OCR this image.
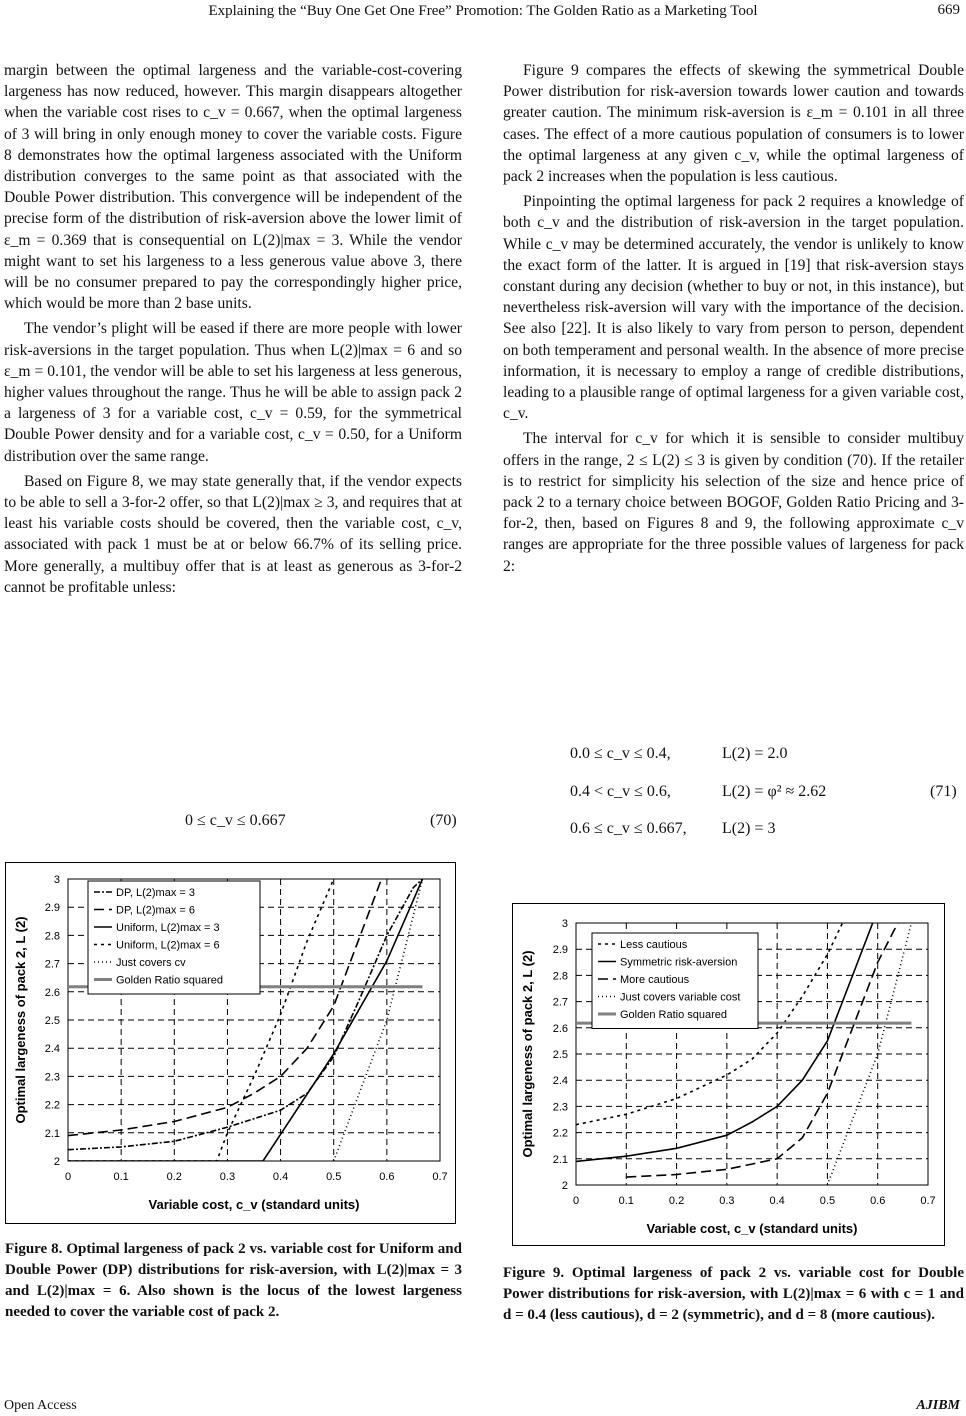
Explaining the “Buy One Get One Free” Promotion: The Golden Ratio as a Marketing Tool	669

margin between the optimal largeness and the variable-cost-covering largeness has now reduced, however. This margin disappears altogether when the variable cost rises to c_v = 0.667, when the optimal largeness of 3 will bring in only enough money to cover the variable costs. Figure 8 demonstrates how the optimal largeness associated with the Uniform distribution converges to the same point as that associated with the Double Power distribution. This convergence will be independent of the precise form of the distribution of risk-aversion above the lower limit of ε_m = 0.369 that is consequential on L(2)|max = 3. While the vendor might want to set his largeness to a less generous value above 3, there will be no consumer prepared to pay the correspondingly higher price, which would be more than 2 base units.

The vendor’s plight will be eased if there are more people with lower risk-aversions in the target population. Thus when L(2)|max = 6 and so ε_m = 0.101, the vendor will be able to set his largeness at less generous, higher values throughout the range. Thus he will be able to assign pack 2 a largeness of 3 for a variable cost, c_v = 0.59, for the symmetrical Double Power density and for a variable cost, c_v = 0.50, for a Uniform distribution over the same range.

Based on Figure 8, we may state generally that, if the vendor expects to be able to sell a 3-for-2 offer, so that L(2)|max ≥ 3, and requires that at least his variable costs should be covered, then the variable cost, c_v, associated with pack 1 must be at or below 66.7% of its selling price. More generally, a multibuy offer that is at least as generous as 3-for-2 cannot be profitable unless:

0 ≤ c_v ≤ 0.667	(70)

Figure 9 compares the effects of skewing the symmetrical Double Power distribution for risk-aversion towards lower caution and towards greater caution. The minimum risk-aversion is ε_m = 0.101 in all three cases. The effect of a more cautious population of consumers is to lower the optimal largeness at any given c_v, while the optimal largeness of pack 2 increases when the population is less cautious.

Pinpointing the optimal largeness for pack 2 requires a knowledge of both c_v and the distribution of risk-aversion in the target population. While c_v may be determined accurately, the vendor is unlikely to know the exact form of the latter. It is argued in [19] that risk-aversion stays constant during any decision (whether to buy or not, in this instance), but nevertheless risk-aversion will vary with the importance of the decision. See also [22]. It is also likely to vary from person to person, dependent on both temperament and personal wealth. In the absence of more precise information, it is necessary to employ a range of credible distributions, leading to a plausible range of optimal largeness for a given variable cost, c_v.

The interval for c_v for which it is sensible to consider multibuy offers in the range, 2 ≤ L(2) ≤ 3 is given by condition (70). If the retailer is to restrict for simplicity his selection of the size and hence price of pack 2 to a ternary choice between BOGOF, Golden Ratio Pricing and 3-for-2, then, based on Figures 8 and 9, the following approximate c_v ranges are appropriate for the three possible values of largeness for pack 2:

0.0 ≤ c_v ≤ 0.4,	L(2) = 2.0
0.4 < c_v ≤ 0.6,	L(2) = φ² ≈ 2.62
0.6 ≤ c_v ≤ 0.667, L(2) = 3
(71)
0	0.1	0.2	0.3	0.4	0.5	0.6	0.7
2
2.1
2.2
2.3
2.4
2.5
2.6
2.7
2.8
2.9
3
Variable cost, c_v (standard units)
Optimal largeness of pack 2, L (2)
DP, L(2)max = 3
DP, L(2)max = 6
Uniform, L(2)max = 3
Uniform, L(2)max = 6
Just covers cv
Golden Ratio squared
0	0.1	0.2	0.3	0.4	0.5	0.6	0.7
2
2.1
2.2
2.3
2.4
2.5
2.6
2.7
2.8
2.9
3
Variable cost, c_v (standard units)
Optimal largeness of pack 2, L (2)
Less cautious
Symmetric risk-aversion
More cautious
Just covers variable cost
Golden Ratio squared
Figure 8. Optimal largeness of pack 2 vs. variable cost for Uniform and Double Power (DP) distributions for risk-aversion, with L(2)|max = 3 and L(2)|max = 6. Also shown is the locus of the lowest largeness needed to cover the variable cost of pack 2.
Figure 9. Optimal largeness of pack 2 vs. variable cost for Double Power distributions for risk-aversion, with L(2)|max = 6 with c = 1 and d = 0.4 (less cautious), d = 2 (symmetric), and d = 8 (more cautious).
Open Access	AJIBM
